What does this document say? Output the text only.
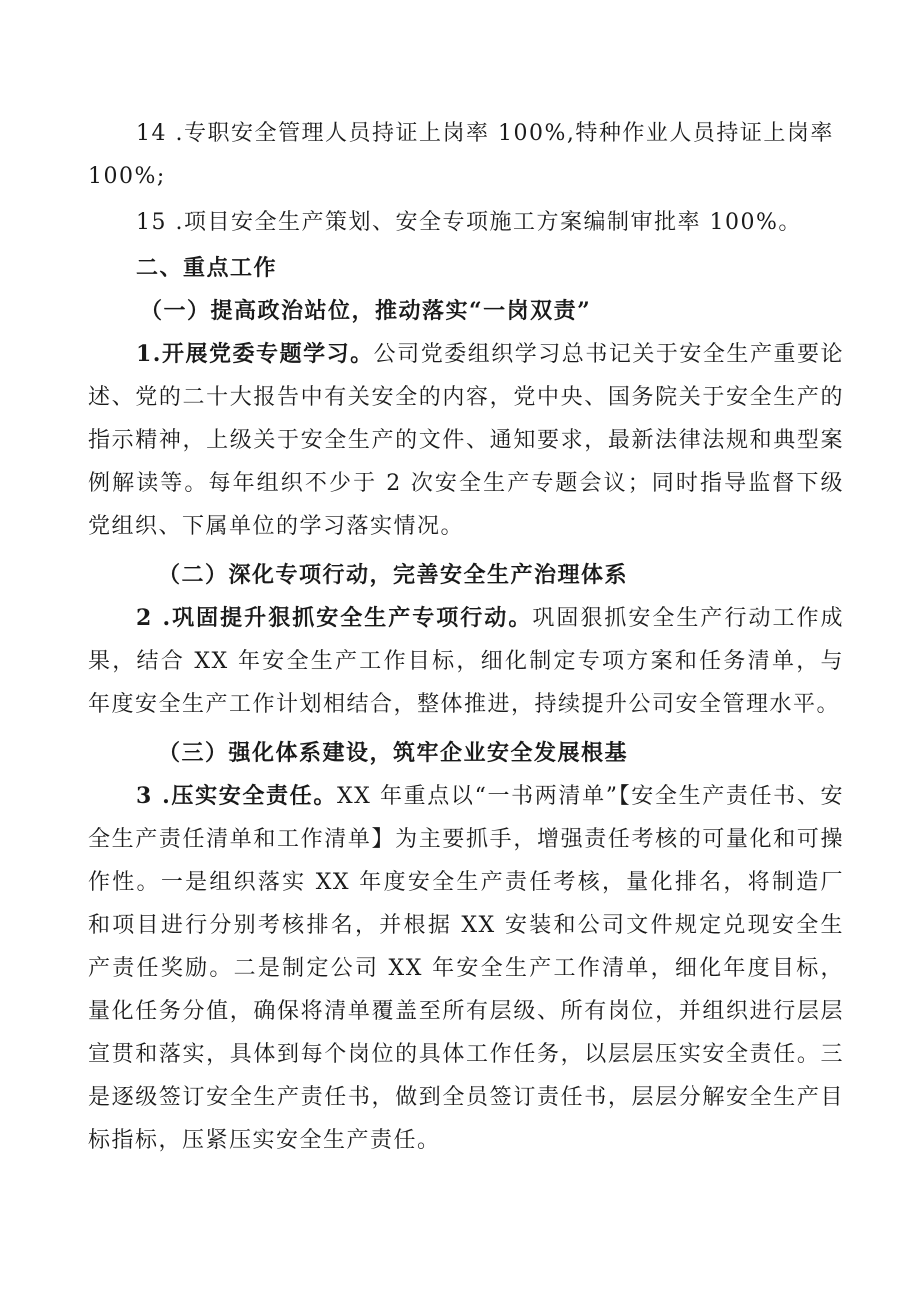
14 .专职安全管理人员持证上岗率 100%,特种作业人员持证上岗率

100%;

15 .项目安全生产策划、安全专项施工方案编制审批率 100%。

二、重点工作

（一）提高政治站位，推动落实“一岗双责”

1.开展党委专题学习。公司党委组织学习总书记关于安全生产重要论述、党的二十大报告中有关安全的内容，党中央、国务院关于安全生产的指示精神，上级关于安全生产的文件、通知要求，最新法律法规和典型案例解读等。每年组织不少于 2 次安全生产专题会议；同时指导监督下级党组织、下属单位的学习落实情况。

（二）深化专项行动，完善安全生产治理体系

2 .巩固提升狠抓安全生产专项行动。巩固狠抓安全生产行动工作成果，结合 XX 年安全生产工作目标，细化制定专项方案和任务清单，与年度安全生产工作计划相结合，整体推进，持续提升公司安全管理水平。

（三）强化体系建设，筑牢企业安全发展根基

3 .压实安全责任。XX 年重点以“一书两清单”【安全生产责任书、安全生产责任清单和工作清单】为主要抓手，增强责任考核的可量化和可操作性。一是组织落实 XX 年度安全生产责任考核，量化排名，将制造厂和项目进行分别考核排名，并根据 XX 安装和公司文件规定兑现安全生产责任奖励。二是制定公司 XX 年安全生产工作清单，细化年度目标，量化任务分值，确保将清单覆盖至所有层级、所有岗位，并组织进行层层宣贯和落实，具体到每个岗位的具体工作任务，以层层压实安全责任。三是逐级签订安全生产责任书，做到全员签订责任书，层层分解安全生产目标指标，压紧压实安全生产责任。
